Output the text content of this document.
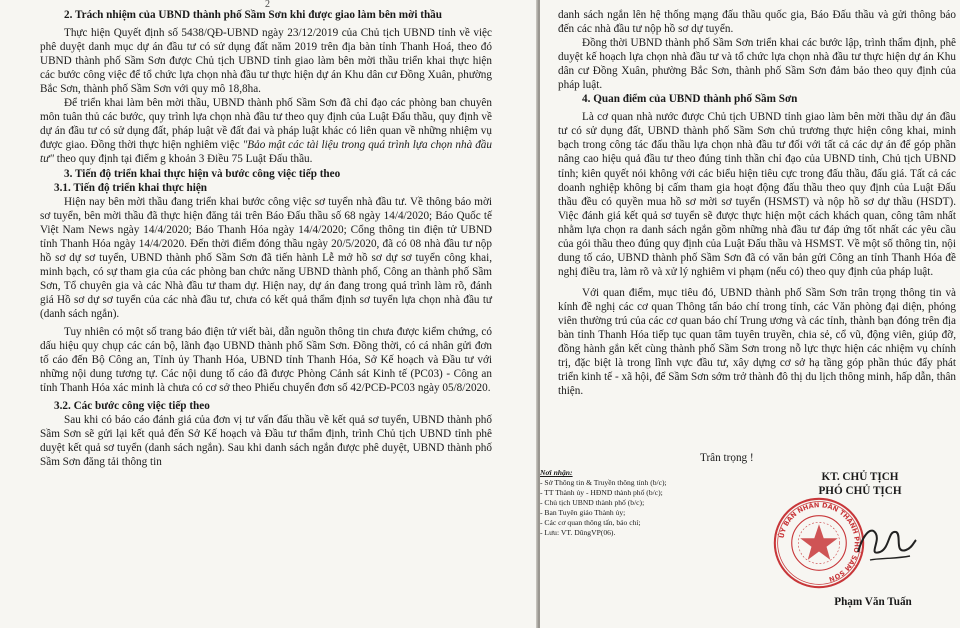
2
2. Trách nhiệm của UBND thành phố Sầm Sơn khi được giao làm bên mời thầu

Thực hiện Quyết định số 5438/QĐ-UBND ngày 23/12/2019 của Chủ tịch UBND tỉnh về việc phê duyệt danh mục dự án đầu tư có sử dụng đất năm 2019 trên địa bàn tỉnh Thanh Hoá, theo đó UBND thành phố Sầm Sơn được Chủ tịch UBND tỉnh giao làm bên mời thầu triển khai thực hiện các bước công việc để tổ chức lựa chọn nhà đầu tư thực hiện dự án Khu dân cư Đồng Xuân, phường Bắc Sơn, thành phố Sầm Sơn với quy mô 18,8ha.

Để triển khai làm bên mời thầu, UBND thành phố Sầm Sơn đã chỉ đạo các phòng ban chuyên môn tuân thủ các bước, quy trình lựa chọn nhà đầu tư theo quy định của Luật Đấu thầu, quy định về dự án đầu tư có sử dụng đất, pháp luật về đất đai và pháp luật khác có liên quan về những nhiệm vụ được giao. Đồng thời thực hiện nghiêm việc "Bảo mật các tài liệu trong quá trình lựa chọn nhà đầu tư" theo quy định tại điểm g khoản 3 Điều 75 Luật Đấu thầu.

3. Tiến độ triển khai thực hiện và bước công việc tiếp theo
3.1. Tiến độ triển khai thực hiện

Hiện nay bên mời thầu đang triển khai bước công việc sơ tuyển nhà đầu tư. Về thông báo mời sơ tuyển, bên mời thầu đã thực hiện đăng tải trên Báo Đấu thầu số 68 ngày 14/4/2020; Báo Quốc tế Việt Nam News ngày 14/4/2020; Báo Thanh Hóa ngày 14/4/2020; Cổng thông tin điện tử UBND tỉnh Thanh Hóa ngày 14/4/2020. Đến thời điểm đóng thầu ngày 20/5/2020, đã có 08 nhà đầu tư nộp hồ sơ dự sơ tuyển, UBND thành phố Sầm Sơn đã tiến hành Lễ mở hồ sơ dự sơ tuyển công khai, minh bạch, có sự tham gia của các phòng ban chức năng UBND thành phố, Công an thành phố Sầm Sơn, Tổ chuyên gia và các Nhà đầu tư tham dự. Hiện nay, dự án đang trong quá trình làm rõ, đánh giá Hồ sơ dự sơ tuyển của các nhà đầu tư, chưa có kết quả thẩm định sơ tuyển lựa chọn nhà đầu tư (danh sách ngắn).

Tuy nhiên có một số trang báo điện tử viết bài, dẫn nguồn thông tin chưa được kiểm chứng, có dấu hiệu quy chụp các cán bộ, lãnh đạo UBND thành phố Sầm Sơn. Đồng thời, có cá nhân gửi đơn tố cáo đến Bộ Công an, Tỉnh ủy Thanh Hóa, UBND tỉnh Thanh Hóa, Sở Kế hoạch và Đầu tư với những nội dung tương tự. Các nội dung tố cáo đã được Phòng Cảnh sát Kinh tế (PC03) - Công an tỉnh Thanh Hóa xác minh là chưa có cơ sở theo Phiếu chuyển đơn số 42/PCĐ-PC03 ngày 05/8/2020.

3.2. Các bước công việc tiếp theo

Sau khi có báo cáo đánh giá của đơn vị tư vấn đấu thầu về kết quả sơ tuyển, UBND thành phố Sầm Sơn sẽ gửi lại kết quả đến Sở Kế hoạch và Đầu tư thẩm định, trình Chủ tịch UBND tỉnh phê duyệt kết quả sơ tuyển (danh sách ngắn). Sau khi danh sách ngắn được phê duyệt, UBND thành phố Sầm Sơn đăng tải thông tin

danh sách ngắn lên hệ thống mạng đấu thầu quốc gia, Báo Đấu thầu và gửi thông báo đến các nhà đầu tư nộp hồ sơ dự tuyển.

Đồng thời UBND thành phố Sầm Sơn triển khai các bước lập, trình thẩm định, phê duyệt kế hoạch lựa chọn nhà đầu tư và tổ chức lựa chọn nhà đầu tư thực hiện dự án Khu dân cư Đồng Xuân, phường Bắc Sơn, thành phố Sầm Sơn đảm bảo theo quy định của pháp luật.

4. Quan điểm của UBND thành phố Sầm Sơn

Là cơ quan nhà nước được Chủ tịch UBND tỉnh giao làm bên mời thầu dự án đầu tư có sử dụng đất, UBND thành phố Sầm Sơn chủ trương thực hiện công khai, minh bạch trong công tác đấu thầu lựa chọn nhà đầu tư đối với tất cả các dự án để góp phần nâng cao hiệu quả đầu tư theo đúng tinh thần chỉ đạo của UBND tỉnh, Chủ tịch UBND tỉnh; kiên quyết nói không với các biểu hiện tiêu cực trong đấu thầu, đấu giá. Tất cả các doanh nghiệp không bị cấm tham gia hoạt động đấu thầu theo quy định của Luật Đấu thầu đều có quyền mua hồ sơ mời sơ tuyển (HSMST) và nộp hồ sơ dự thầu (HSDT). Việc đánh giá kết quả sơ tuyển sẽ được thực hiện một cách khách quan, công tâm nhất nhằm lựa chọn ra danh sách ngắn gồm những nhà đầu tư đáp ứng tốt nhất các yêu cầu của gói thầu theo đúng quy định của Luật Đấu thầu và HSMST. Về một số thông tin, nội dung tố cáo, UBND thành phố Sầm Sơn đã có văn bản gửi Công an tỉnh Thanh Hóa đề nghị điều tra, làm rõ và xử lý nghiêm vi phạm (nếu có) theo quy định của pháp luật.

Với quan điểm, mục tiêu đó, UBND thành phố Sầm Sơn trân trọng thông tin và kính đề nghị các cơ quan Thông tấn báo chí trong tỉnh, các Văn phòng đại diện, phóng viên thường trú của các cơ quan báo chí Trung ương và các tỉnh, thành bạn đóng trên địa bàn tỉnh Thanh Hóa tiếp tục quan tâm tuyên truyền, chia sẻ, cổ vũ, động viên, giúp đỡ, đồng hành gắn kết cùng thành phố Sầm Sơn trong nỗ lực thực hiện các nhiệm vụ chính trị, đặc biệt là trong lĩnh vực đầu tư, xây dựng cơ sở hạ tầng góp phần thúc đẩy phát triển kinh tế - xã hội, để Sầm Sơn sớm trở thành đô thị du lịch thông minh, hấp dẫn, thân thiện.

Trân trọng !
Nơi nhận:
- Sở Thông tin & Truyền thông tỉnh (b/c);
- TT Thành ủy - HĐND thành phố (b/c);
- Chủ tịch UBND thành phố (b/c);
- Ban Tuyên giáo Thành ủy;
- Các cơ quan thông tấn, báo chí;
- Lưu: VT. DũngVP(06).
KT. CHỦ TỊCH
PHÓ CHỦ TỊCH
ỦY BAN NHÂN DÂN THÀNH PHỐ SẦM SƠN
Phạm Văn Tuấn
